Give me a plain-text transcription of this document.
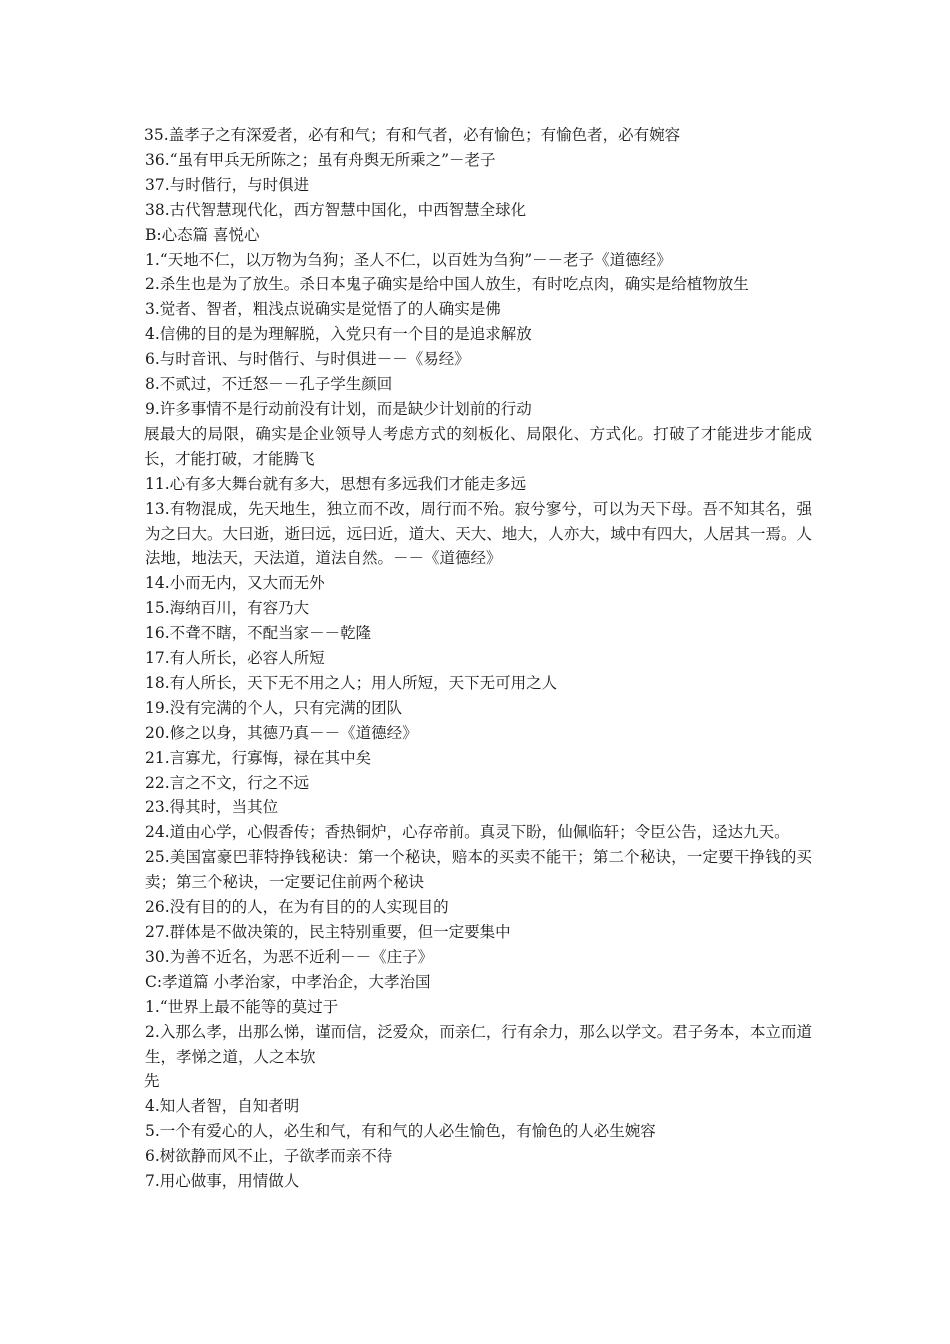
35.盖孝子之有深爱者，必有和气；有和气者，必有愉色；有愉色者，必有婉容

36.“虽有甲兵无所陈之；虽有舟舆无所乘之”－老子

37.与时偕行，与时俱进

38.古代智慧现代化，西方智慧中国化，中西智慧全球化

B:心态篇 喜悦心

1.“天地不仁，以万物为刍狗；圣人不仁，以百姓为刍狗”－－老子《道德经》

2.杀生也是为了放生。杀日本鬼子确实是给中国人放生，有时吃点肉，确实是给植物放生

3.觉者、智者，粗浅点说确实是觉悟了的人确实是佛

4.信佛的目的是为理解脱，入党只有一个目的是追求解放

6.与时音讯、与时偕行、与时俱进－－《易经》

8.不贰过，不迁怒－－孔子学生颜回

9.许多事情不是行动前没有计划，而是缺少计划前的行动

展最大的局限，确实是企业领导人考虑方式的刻板化、局限化、方式化。打破了才能进步才能成长，才能打破，才能腾飞

11.心有多大舞台就有多大，思想有多远我们才能走多远

13.有物混成，先天地生，独立而不改，周行而不殆。寂兮寥兮，可以为天下母。吾不知其名，强为之曰大。大曰逝，逝曰远，远曰近，道大、天大、地大，人亦大，域中有四大，人居其一焉。人法地，地法天，天法道，道法自然。－－《道德经》

14.小而无内，又大而无外

15.海纳百川，有容乃大

16.不聋不瞎，不配当家－－乾隆

17.有人所长，必容人所短

18.有人所长，天下无不用之人；用人所短，天下无可用之人

19.没有完满的个人，只有完满的团队

20.修之以身，其德乃真－－《道德经》

21.言寡尤，行寡悔，禄在其中矣

22.言之不文，行之不远

23.得其时，当其位

24.道由心学，心假香传；香热铜炉，心存帝前。真灵下盼，仙佩临轩；令臣公告，迳达九天。

25.美国富豪巴菲特挣钱秘诀：第一个秘诀，赔本的买卖不能干；第二个秘诀，一定要干挣钱的买卖；第三个秘诀，一定要记住前两个秘诀

26.没有目的的人，在为有目的的人实现目的

27.群体是不做决策的，民主特别重要，但一定要集中

30.为善不近名，为恶不近利－－《庄子》

C:孝道篇 小孝治家，中孝治企，大孝治国

1.“世界上最不能等的莫过于

2.入那么孝，出那么悌，谨而信，泛爱众，而亲仁，行有余力，那么以学文。君子务本，本立而道生，孝悌之道，人之本欤

先

4.知人者智，自知者明

5.一个有爱心的人，必生和气，有和气的人必生愉色，有愉色的人必生婉容

6.树欲静而风不止，子欲孝而亲不待

7.用心做事，用情做人
